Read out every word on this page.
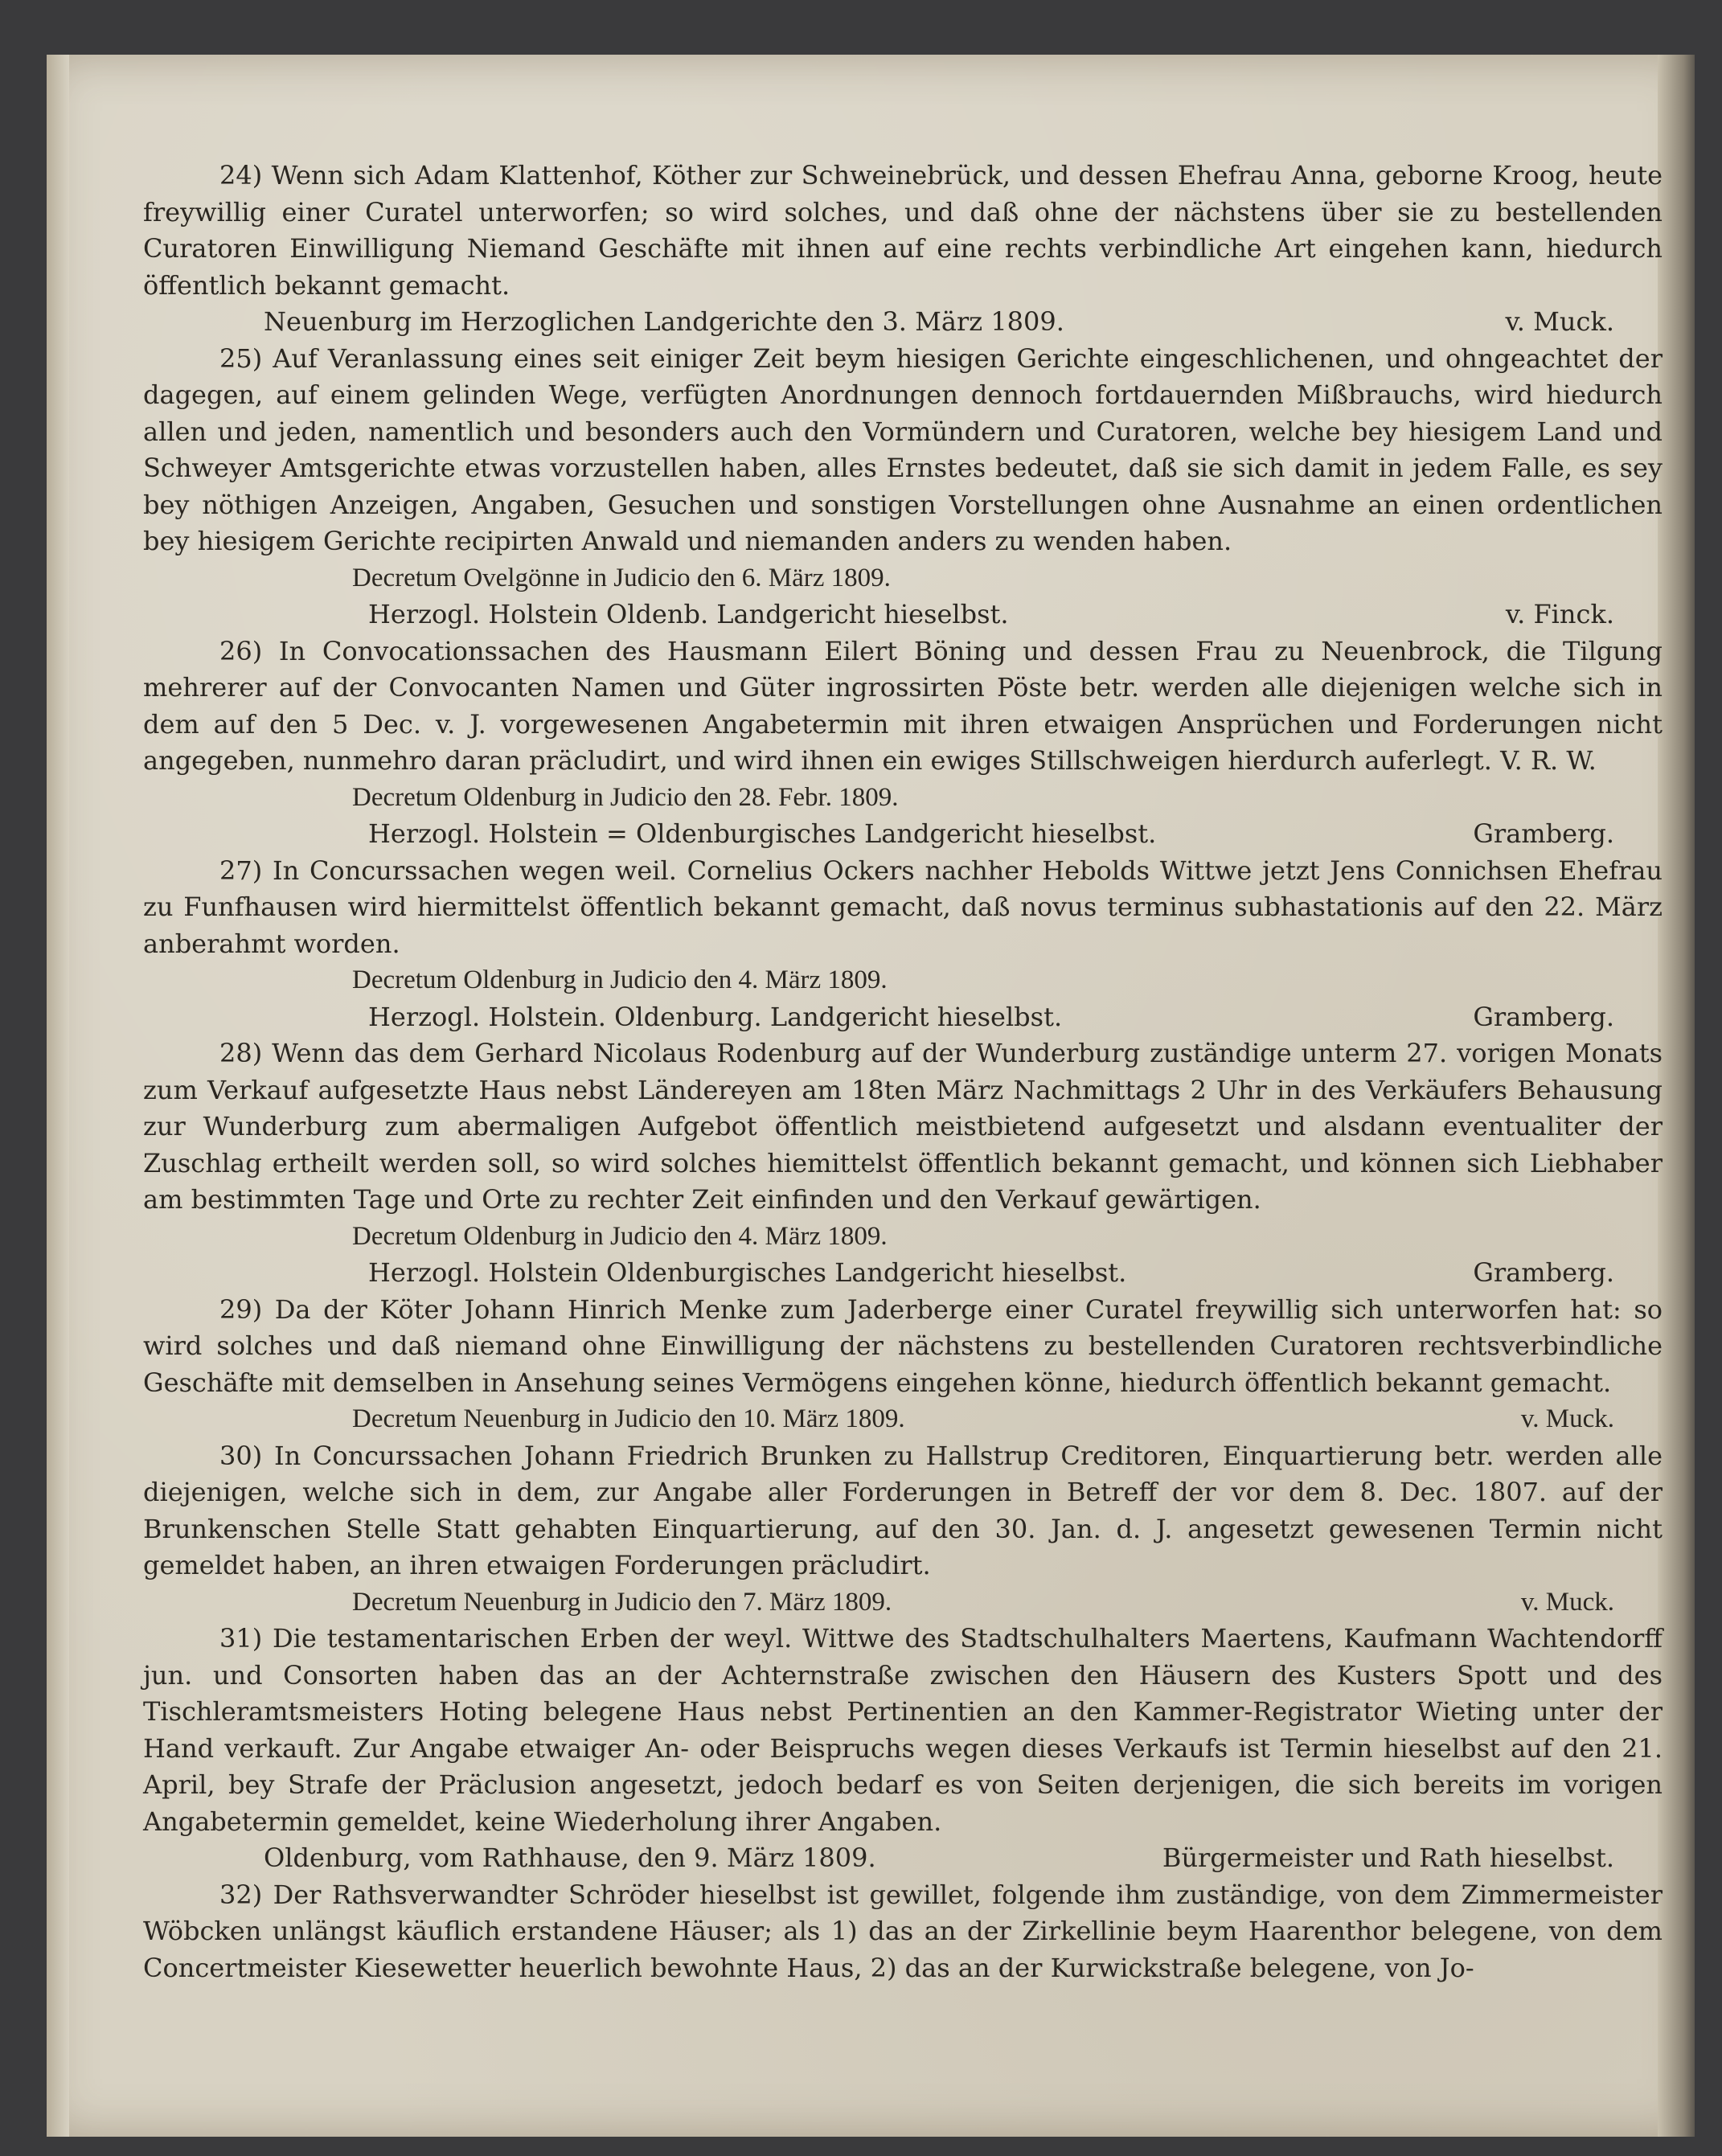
24) Wenn sich Adam Klattenhof, Köther zur Schweinebrück, und dessen Ehefrau Anna, geborne Kroog, heute freywillig einer Curatel unterworfen; so wird solches, und daß ohne der nächstens über sie zu bestellenden Curatoren Einwilligung Niemand Geschäfte mit ihnen auf eine rechts verbindliche Art eingehen kann, hiedurch öffentlich bekannt gemacht.

Neuenburg im Herzoglichen Landgerichte den 3. März 1809.	v. Muck.

25) Auf Veranlassung eines seit einiger Zeit beym hiesigen Gerichte eingeschlichenen, und ohngeachtet der dagegen, auf einem gelinden Wege, verfügten Anordnungen dennoch fortdauernden Mißbrauchs, wird hiedurch allen und jeden, namentlich und besonders auch den Vormündern und Curatoren, welche bey hiesigem Land und Schweyer Amtsgerichte etwas vorzustellen haben, alles Ernstes bedeutet, daß sie sich damit in jedem Falle, es sey bey nöthigen Anzeigen, Angaben, Gesuchen und sonstigen Vorstellungen ohne Ausnahme an einen ordentlichen bey hiesigem Gerichte recipirten Anwald und niemanden anders zu wenden haben.

Decretum Ovelgönne in Judicio den 6. März 1809.

Herzogl. Holstein Oldenb. Landgericht hieselbst.	v. Finck.

26) In Convocationssachen des Hausmann Eilert Böning und dessen Frau zu Neuenbrock, die Tilgung mehrerer auf der Convocanten Namen und Güter ingrossirten Pöste betr. werden alle diejenigen welche sich in dem auf den 5 Dec. v. J. vorgewesenen Angabetermin mit ihren etwaigen Ansprüchen und Forderungen nicht angegeben, nunmehro daran präcludirt, und wird ihnen ein ewiges Stillschweigen hierdurch auferlegt. V. R. W.

Decretum Oldenburg in Judicio den 28. Febr. 1809.

Herzogl. Holstein = Oldenburgisches Landgericht hieselbst.	Gramberg.

27) In Concurssachen wegen weil. Cornelius Ockers nachher Hebolds Wittwe jetzt Jens Connichsen Ehefrau zu Funfhausen wird hiermittelst öffentlich bekannt gemacht, daß novus terminus subhastationis auf den 22. März anberahmt worden.

Decretum Oldenburg in Judicio den 4. März 1809.

Herzogl. Holstein. Oldenburg. Landgericht hieselbst.	Gramberg.

28) Wenn das dem Gerhard Nicolaus Rodenburg auf der Wunderburg zuständige unterm 27. vorigen Monats zum Verkauf aufgesetzte Haus nebst Ländereyen am 18ten März Nachmittags 2 Uhr in des Verkäufers Behausung zur Wunderburg zum abermaligen Aufgebot öffentlich meistbietend aufgesetzt und alsdann eventualiter der Zuschlag ertheilt werden soll, so wird solches hiemittelst öffentlich bekannt gemacht, und können sich Liebhaber am bestimmten Tage und Orte zu rechter Zeit einfinden und den Verkauf gewärtigen.

Decretum Oldenburg in Judicio den 4. März 1809.

Herzogl. Holstein Oldenburgisches Landgericht hieselbst.	Gramberg.

29) Da der Köter Johann Hinrich Menke zum Jaderberge einer Curatel freywillig sich unterworfen hat: so wird solches und daß niemand ohne Einwilligung der nächstens zu bestellenden Curatoren rechtsverbindliche Geschäfte mit demselben in Ansehung seines Vermögens eingehen könne, hiedurch öffentlich bekannt gemacht.

Decretum Neuenburg in Judicio den 10. März 1809.	v. Muck.

30) In Concurssachen Johann Friedrich Brunken zu Hallstrup Creditoren, Einquartierung betr. werden alle diejenigen, welche sich in dem, zur Angabe aller Forderungen in Betreff der vor dem 8. Dec. 1807. auf der Brunkenschen Stelle Statt gehabten Einquartierung, auf den 30. Jan. d. J. angesetzt gewesenen Termin nicht gemeldet haben, an ihren etwaigen Forderungen präcludirt.

Decretum Neuenburg in Judicio den 7. März 1809.	v. Muck.

31) Die testamentarischen Erben der weyl. Wittwe des Stadtschulhalters Maertens, Kaufmann Wachtendorff jun. und Consorten haben das an der Achternstraße zwischen den Häusern des Kusters Spott und des Tischleramtsmeisters Hoting belegene Haus nebst Pertinentien an den Kammer-Registrator Wieting unter der Hand verkauft. Zur Angabe etwaiger An- oder Beispruchs wegen dieses Verkaufs ist Termin hieselbst auf den 21. April, bey Strafe der Präclusion angesetzt, jedoch bedarf es von Seiten derjenigen, die sich bereits im vorigen Angabetermin gemeldet, keine Wiederholung ihrer Angaben.

Oldenburg, vom Rathhause, den 9. März 1809.	Bürgermeister und Rath hieselbst.

32) Der Rathsverwandter Schröder hieselbst ist gewillet, folgende ihm zuständige, von dem Zimmermeister Wöbcken unlängst käuflich erstandene Häuser; als 1) das an der Zirkellinie beym Haarenthor belegene, von dem Concertmeister Kiesewetter heuerlich bewohnte Haus, 2) das an der Kurwickstraße belegene, von Jo-
